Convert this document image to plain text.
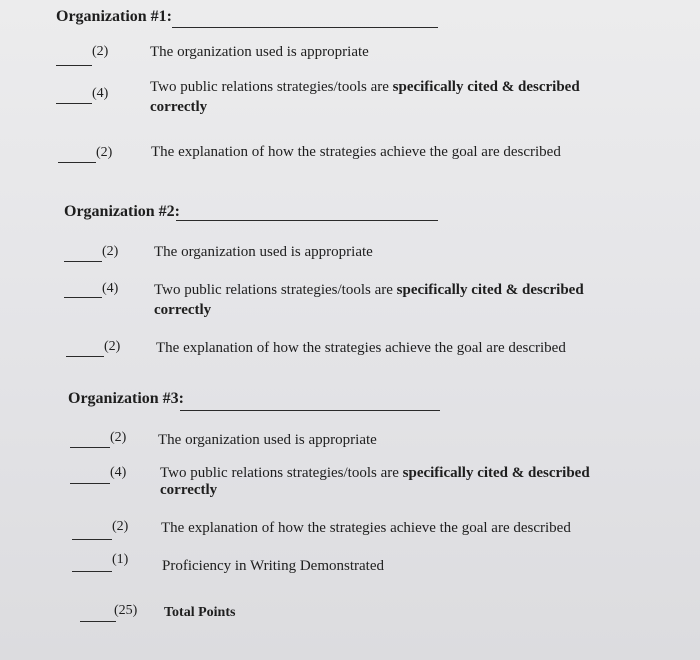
Organization #1:
(2)	The organization used is appropriate
(4)	Two public relations strategies/tools are specifically cited & described
correctly
(2)	The explanation of how the strategies achieve the goal are described
Organization #2:
(2) The organization used is appropriate
(4) Two public relations strategies/tools are specifically cited & described
correctly
(2) The explanation of how the strategies achieve the goal are described
Organization #3:
(2) The organization used is appropriate
(4) Two public relations strategies/tools are specifically cited & described
correctly
(2) The explanation of how the strategies achieve the goal are described
(1) Proficiency in Writing Demonstrated
(25) Total Points
